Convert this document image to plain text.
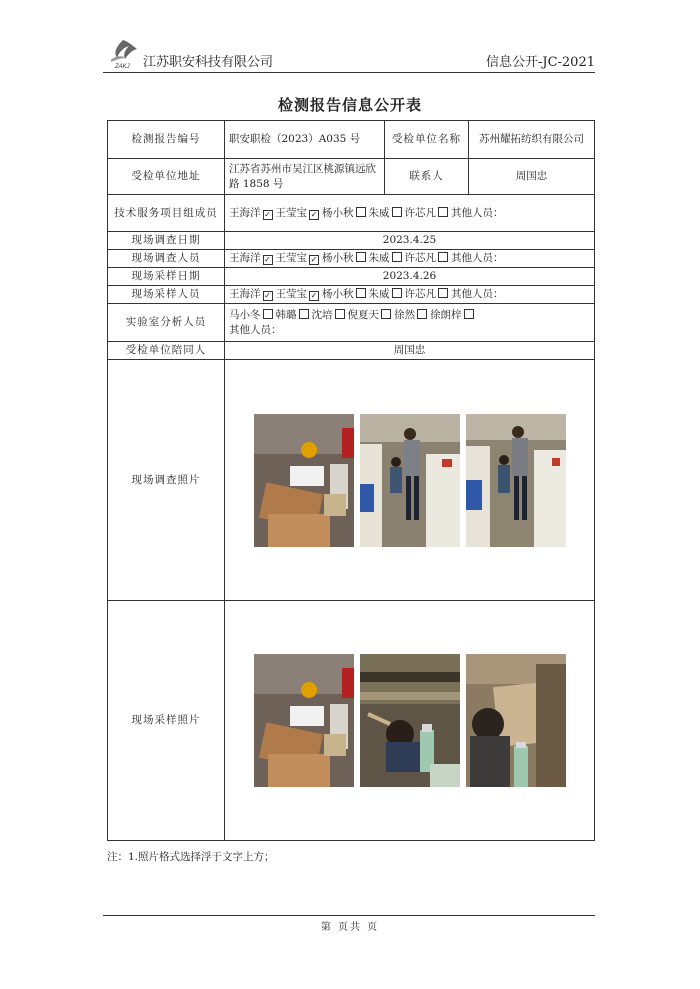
ZAKJ 江苏职安科技有限公司	信息公开-JC-2021
检测报告信息公开表
检测报告编号	职安职检（2023）A035 号	受检单位名称	苏州耀拓纺织有限公司
受检单位地址	江苏省苏州市吴江区桃源镇远欣路 1858 号	联系人	周国忠
技术服务项目组成员	王海洋 ✓ 王莹宝 ✓ 杨小秋 朱威 许芯凡 其他人员：		
现场调查日期	2023.4.25		
现场调查人员	王海洋 ✓ 王莹宝 ✓ 杨小秋 朱威 许芯凡 其他人员：		
现场采样日期	2023.4.26		
现场采样人员	王海洋 ✓ 王莹宝 ✓ 杨小秋 朱威 许芯凡 其他人员：		
实验室分析人员	马小冬 韩璐 沈培 倪夏天 徐然 徐朗梓
其他人员：		
受检单位陪同人	周国忠		
现场调查照片	

现场采样照片	
注：1.照片格式选择浮于文字上方；
第 页共 页
